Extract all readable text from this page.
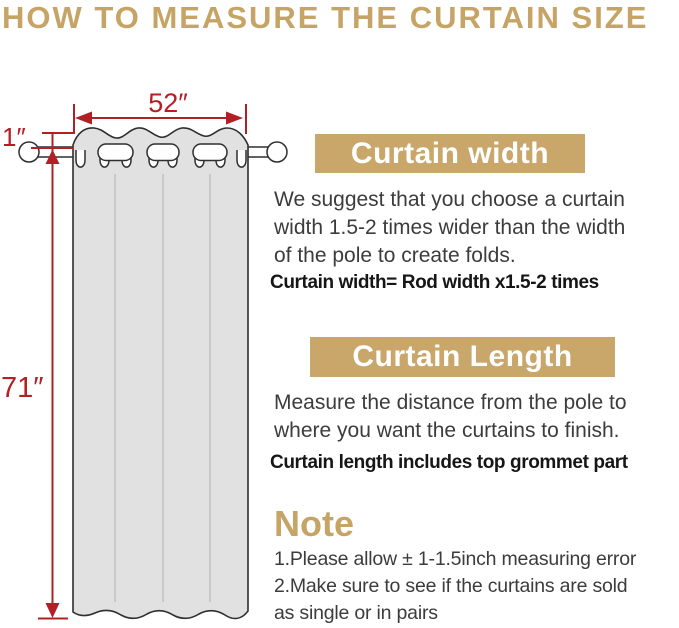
HOW TO MEASURE THE CURTAIN SIZE
52″
1″
71″
Curtain width
We suggest that you choose a curtain
width 1.5-2 times wider than the width
of the pole to create folds.
Curtain width= Rod width x1.5-2 times
Curtain Length
Measure the distance from the pole to
where you want the curtains to finish.
Curtain length includes top grommet part
Note
1.Please allow ± 1-1.5inch measuring error
2.Make sure to see if the curtains are sold
as single or in pairs
